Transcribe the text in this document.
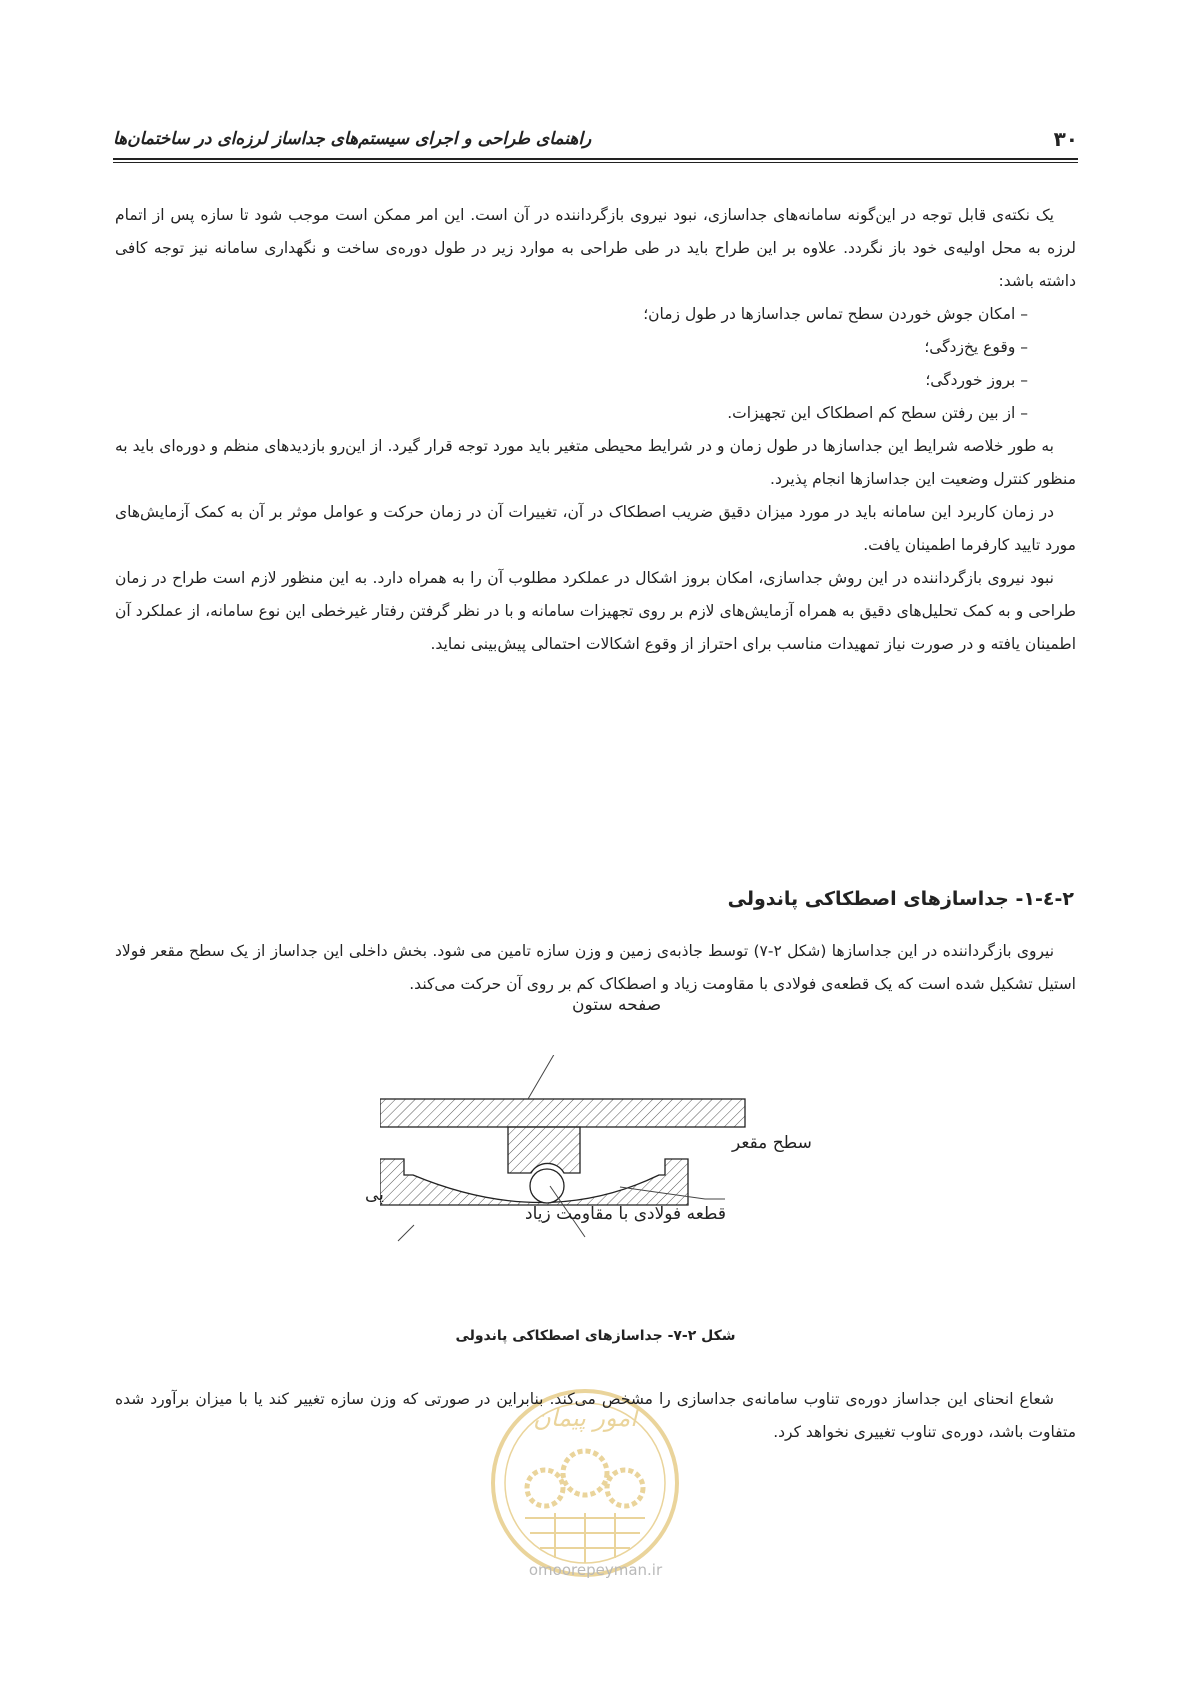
۳۰
راهنمای طراحی و اجرای سیستم‌های جداساز لرزه‌ای در ساختمان‌ها

یک نکته‌ی قابل توجه در این‌گونه سامانه‌های جداسازی، نبود نیروی بازگرداننده در آن است. این امر ممکن است موجب شود تا سازه پس از اتمام لرزه به محل اولیه‌ی خود باز نگردد. علاوه بر این طراح باید در طی طراحی به موارد زیر در طول دوره‌ی ساخت و نگهداری سامانه نیز توجه کافی داشته باشد:

– امکان جوش خوردن سطح تماس جداسازها در طول زمان؛

– وقوع یخ‌زدگی؛

– بروز خوردگی؛

– از بین رفتن سطح کم اصطکاک این تجهیزات.

به طور خلاصه شرایط این جداسازها در طول زمان و در شرایط محیطی متغیر باید مورد توجه قرار گیرد. از این‌رو بازدیدهای منظم و دوره‌ای باید به منظور کنترل وضعیت این جداسازها انجام پذیرد.

در زمان کاربرد این سامانه باید در مورد میزان دقیق ضریب اصطکاک در آن، تغییرات آن در زمان حرکت و عوامل موثر بر آن به کمک آزمایش‌های مورد تایید کارفرما اطمینان یافت.

نبود نیروی بازگرداننده در این روش جداسازی، امکان بروز اشکال در عملکرد مطلوب آن را به همراه دارد. به این منظور لازم است طراح در زمان طراحی و به کمک تحلیل‌های دقیق به همراه آزمایش‌های لازم بر روی تجهیزات سامانه و با در نظر گرفتن رفتار غیرخطی این نوع سامانه، از عملکرد آن اطمینان یافته و در صورت نیاز تمهیدات مناسب برای احتراز از وقوع اشکالات احتمالی پیش‌بینی نماید.

۲-٤-۱- جداسازهای اصطکاکی پاندولی

نیروی بازگرداننده در این جداسازها (شکل ۲-۷) توسط جاذبه‌ی زمین و وزن سازه تامین می شود. بخش داخلی این جداساز از یک سطح مقعر فولاد استیل تشکیل شده است که یک قطعه‌ی فولادی با مقاومت زیاد و اصطکاک کم بر روی آن حرکت می‌کند.

صفحه ستون
سطح مقعر
پی
قطعه فولادی با مقاومت زیاد
شکل ۲-۷- جداسازهای اصطکاکی پاندولی
امور پیمان
omoorepeyman.ir

شعاع انحنای این جداساز دوره‌ی تناوب سامانه‌ی جداسازی را مشخص می‌کند. بنابراین در صورتی که وزن سازه تغییر کند یا با میزان برآورد شده متفاوت باشد، دوره‌ی تناوب تغییری نخواهد کرد.
